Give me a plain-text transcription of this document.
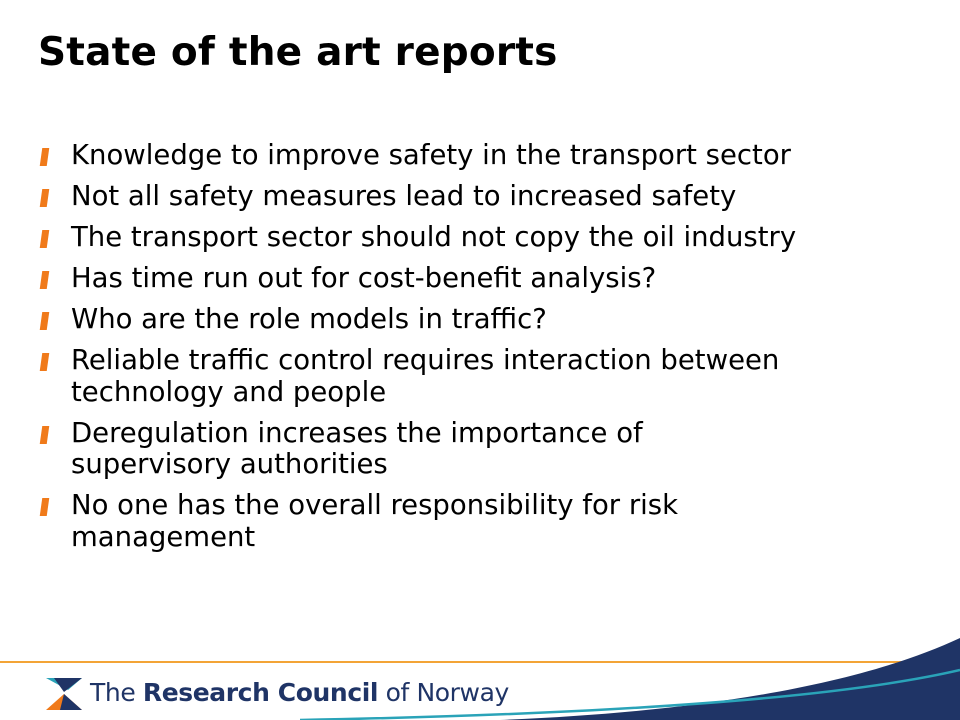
State of the art reports
Knowledge to improve safety in the transport sector
Not all safety measures lead to increased safety
The transport sector should not copy the oil industry
Has time run out for cost-benefit analysis?
Who are the role models in traffic?
Reliable traffic control requires interaction between
technology and people
Deregulation increases the importance of
supervisory authorities
No one has the overall responsibility for risk
management
The Research Council of Norway
